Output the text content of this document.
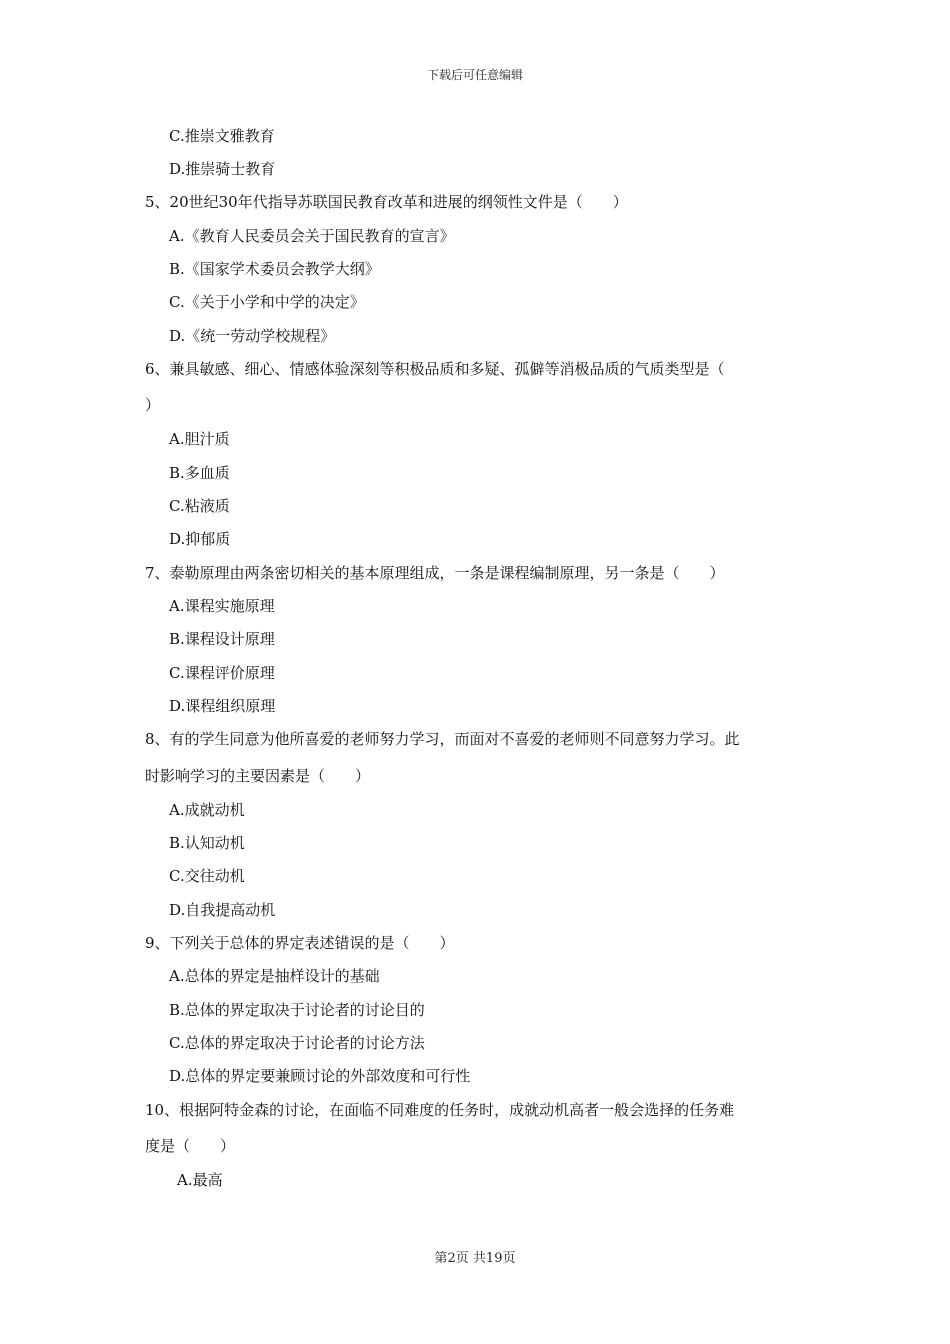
下载后可任意编辑
C.推崇文雅教育
D.推崇骑士教育
5、20世纪30年代指导苏联国民教育改革和进展的纲领性文件是（　　）
A.《教育人民委员会关于国民教育的宣言》
B.《国家学术委员会教学大纲》
C.《关于小学和中学的决定》
D.《统一劳动学校规程》
6、兼具敏感、细心、情感体验深刻等积极品质和多疑、孤僻等消极品质的气质类型是（
）
A.胆汁质
B.多血质
C.粘液质
D.抑郁质
7、泰勒原理由两条密切相关的基本原理组成，一条是课程编制原理，另一条是（　　）
A.课程实施原理
B.课程设计原理
C.课程评价原理
D.课程组织原理
8、有的学生同意为他所喜爱的老师努力学习，而面对不喜爱的老师则不同意努力学习。此
时影响学习的主要因素是（　　）
A.成就动机
B.认知动机
C.交往动机
D.自我提高动机
9、下列关于总体的界定表述错误的是（　　）
A.总体的界定是抽样设计的基础
B.总体的界定取决于讨论者的讨论目的
C.总体的界定取决于讨论者的讨论方法
D.总体的界定要兼顾讨论的外部效度和可行性
10、根据阿特金森的讨论，在面临不同难度的任务时，成就动机高者一般会选择的任务难
度是（　　）
A.最高
第2页 共19页
